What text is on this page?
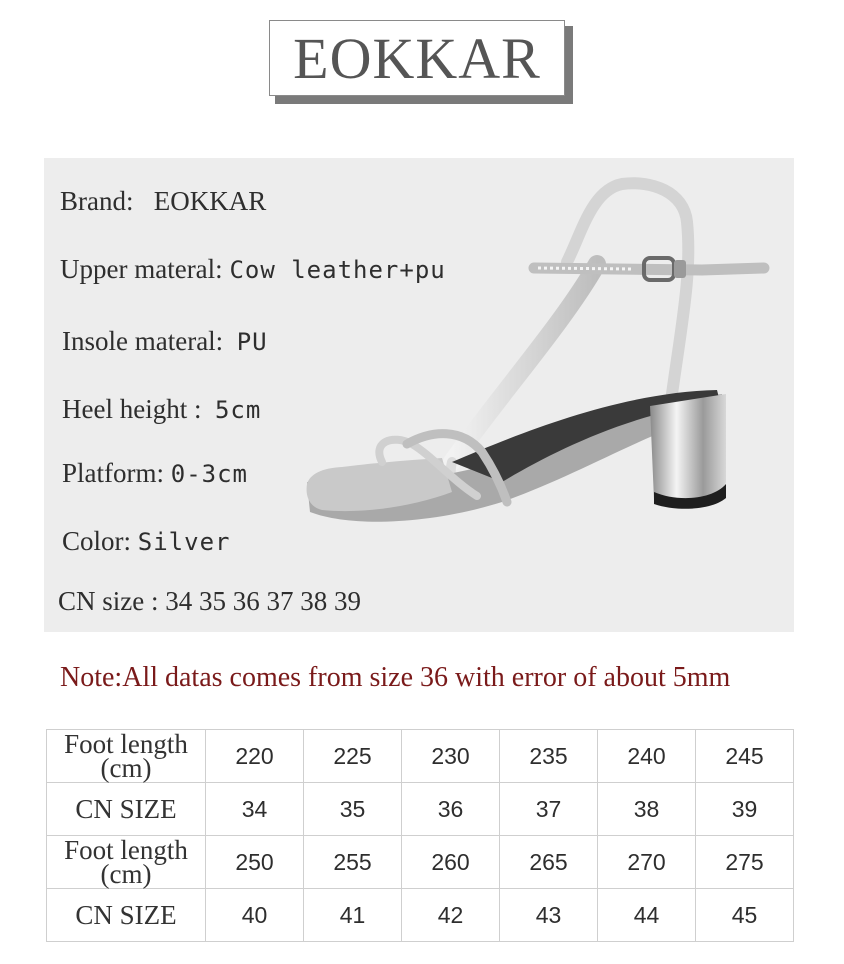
EOKKAR
Brand: EOKKAR
Upper materal: Cow leather+pu
Insole materal: PU
Heel height : 5cm
Platform: 0-3cm
Color: Silver
CN size : 34 35 36 37 38 39
Note:All datas comes from size 36 with error of about 5mm
Foot length (cm)	220	225	230	235	240	245
CN SIZE	34	35	36	37	38	39
Foot length (cm)	250	255	260	265	270	275
CN SIZE	40	41	42	43	44	45
